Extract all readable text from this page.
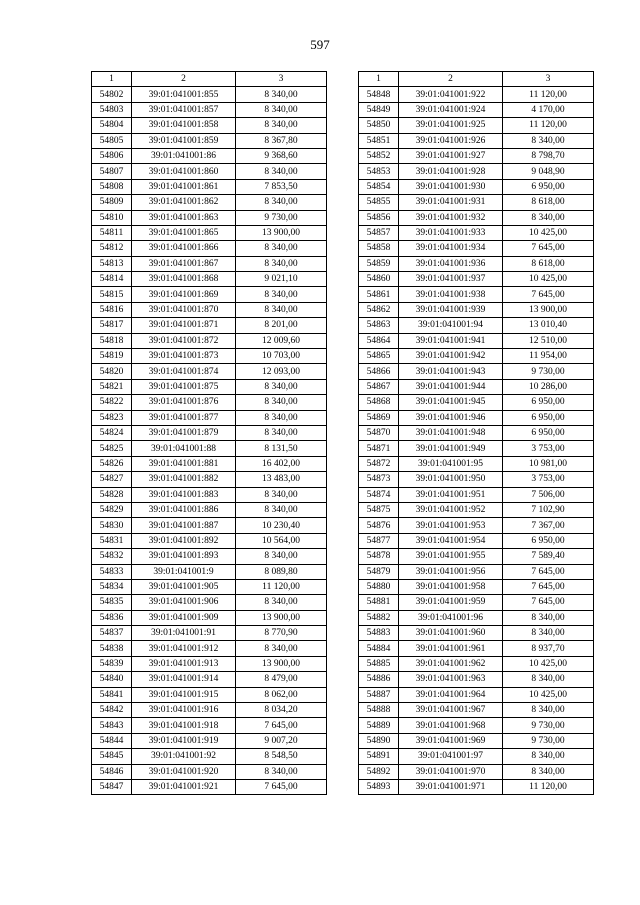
597
1	2	3
54802	39:01:041001:855	8 340,00
54803	39:01:041001:857	8 340,00
54804	39:01:041001:858	8 340,00
54805	39:01:041001:859	8 367,80
54806	39:01:041001:86	9 368,60
54807	39:01:041001:860	8 340,00
54808	39:01:041001:861	7 853,50
54809	39:01:041001:862	8 340,00
54810	39:01:041001:863	9 730,00
54811	39:01:041001:865	13 900,00
54812	39:01:041001:866	8 340,00
54813	39:01:041001:867	8 340,00
54814	39:01:041001:868	9 021,10
54815	39:01:041001:869	8 340,00
54816	39:01:041001:870	8 340,00
54817	39:01:041001:871	8 201,00
54818	39:01:041001:872	12 009,60
54819	39:01:041001:873	10 703,00
54820	39:01:041001:874	12 093,00
54821	39:01:041001:875	8 340,00
54822	39:01:041001:876	8 340,00
54823	39:01:041001:877	8 340,00
54824	39:01:041001:879	8 340,00
54825	39:01:041001:88	8 131,50
54826	39:01:041001:881	16 402,00
54827	39:01:041001:882	13 483,00
54828	39:01:041001:883	8 340,00
54829	39:01:041001:886	8 340,00
54830	39:01:041001:887	10 230,40
54831	39:01:041001:892	10 564,00
54832	39:01:041001:893	8 340,00
54833	39:01:041001:9	8 089,80
54834	39:01:041001:905	11 120,00
54835	39:01:041001:906	8 340,00
54836	39:01:041001:909	13 900,00
54837	39:01:041001:91	8 770,90
54838	39:01:041001:912	8 340,00
54839	39:01:041001:913	13 900,00
54840	39:01:041001:914	8 479,00
54841	39:01:041001:915	8 062,00
54842	39:01:041001:916	8 034,20
54843	39:01:041001:918	7 645,00
54844	39:01:041001:919	9 007,20
54845	39:01:041001:92	8 548,50
54846	39:01:041001:920	8 340,00
54847	39:01:041001:921	7 645,00
1	2	3
54848	39:01:041001:922	11 120,00
54849	39:01:041001:924	4 170,00
54850	39:01:041001:925	11 120,00
54851	39:01:041001:926	8 340,00
54852	39:01:041001:927	8 798,70
54853	39:01:041001:928	9 048,90
54854	39:01:041001:930	6 950,00
54855	39:01:041001:931	8 618,00
54856	39:01:041001:932	8 340,00
54857	39:01:041001:933	10 425,00
54858	39:01:041001:934	7 645,00
54859	39:01:041001:936	8 618,00
54860	39:01:041001:937	10 425,00
54861	39:01:041001:938	7 645,00
54862	39:01:041001:939	13 900,00
54863	39:01:041001:94	13 010,40
54864	39:01:041001:941	12 510,00
54865	39:01:041001:942	11 954,00
54866	39:01:041001:943	9 730,00
54867	39:01:041001:944	10 286,00
54868	39:01:041001:945	6 950,00
54869	39:01:041001:946	6 950,00
54870	39:01:041001:948	6 950,00
54871	39:01:041001:949	3 753,00
54872	39:01:041001:95	10 981,00
54873	39:01:041001:950	3 753,00
54874	39:01:041001:951	7 506,00
54875	39:01:041001:952	7 102,90
54876	39:01:041001:953	7 367,00
54877	39:01:041001:954	6 950,00
54878	39:01:041001:955	7 589,40
54879	39:01:041001:956	7 645,00
54880	39:01:041001:958	7 645,00
54881	39:01:041001:959	7 645,00
54882	39:01:041001:96	8 340,00
54883	39:01:041001:960	8 340,00
54884	39:01:041001:961	8 937,70
54885	39:01:041001:962	10 425,00
54886	39:01:041001:963	8 340,00
54887	39:01:041001:964	10 425,00
54888	39:01:041001:967	8 340,00
54889	39:01:041001:968	9 730,00
54890	39:01:041001:969	9 730,00
54891	39:01:041001:97	8 340,00
54892	39:01:041001:970	8 340,00
54893	39:01:041001:971	11 120,00
